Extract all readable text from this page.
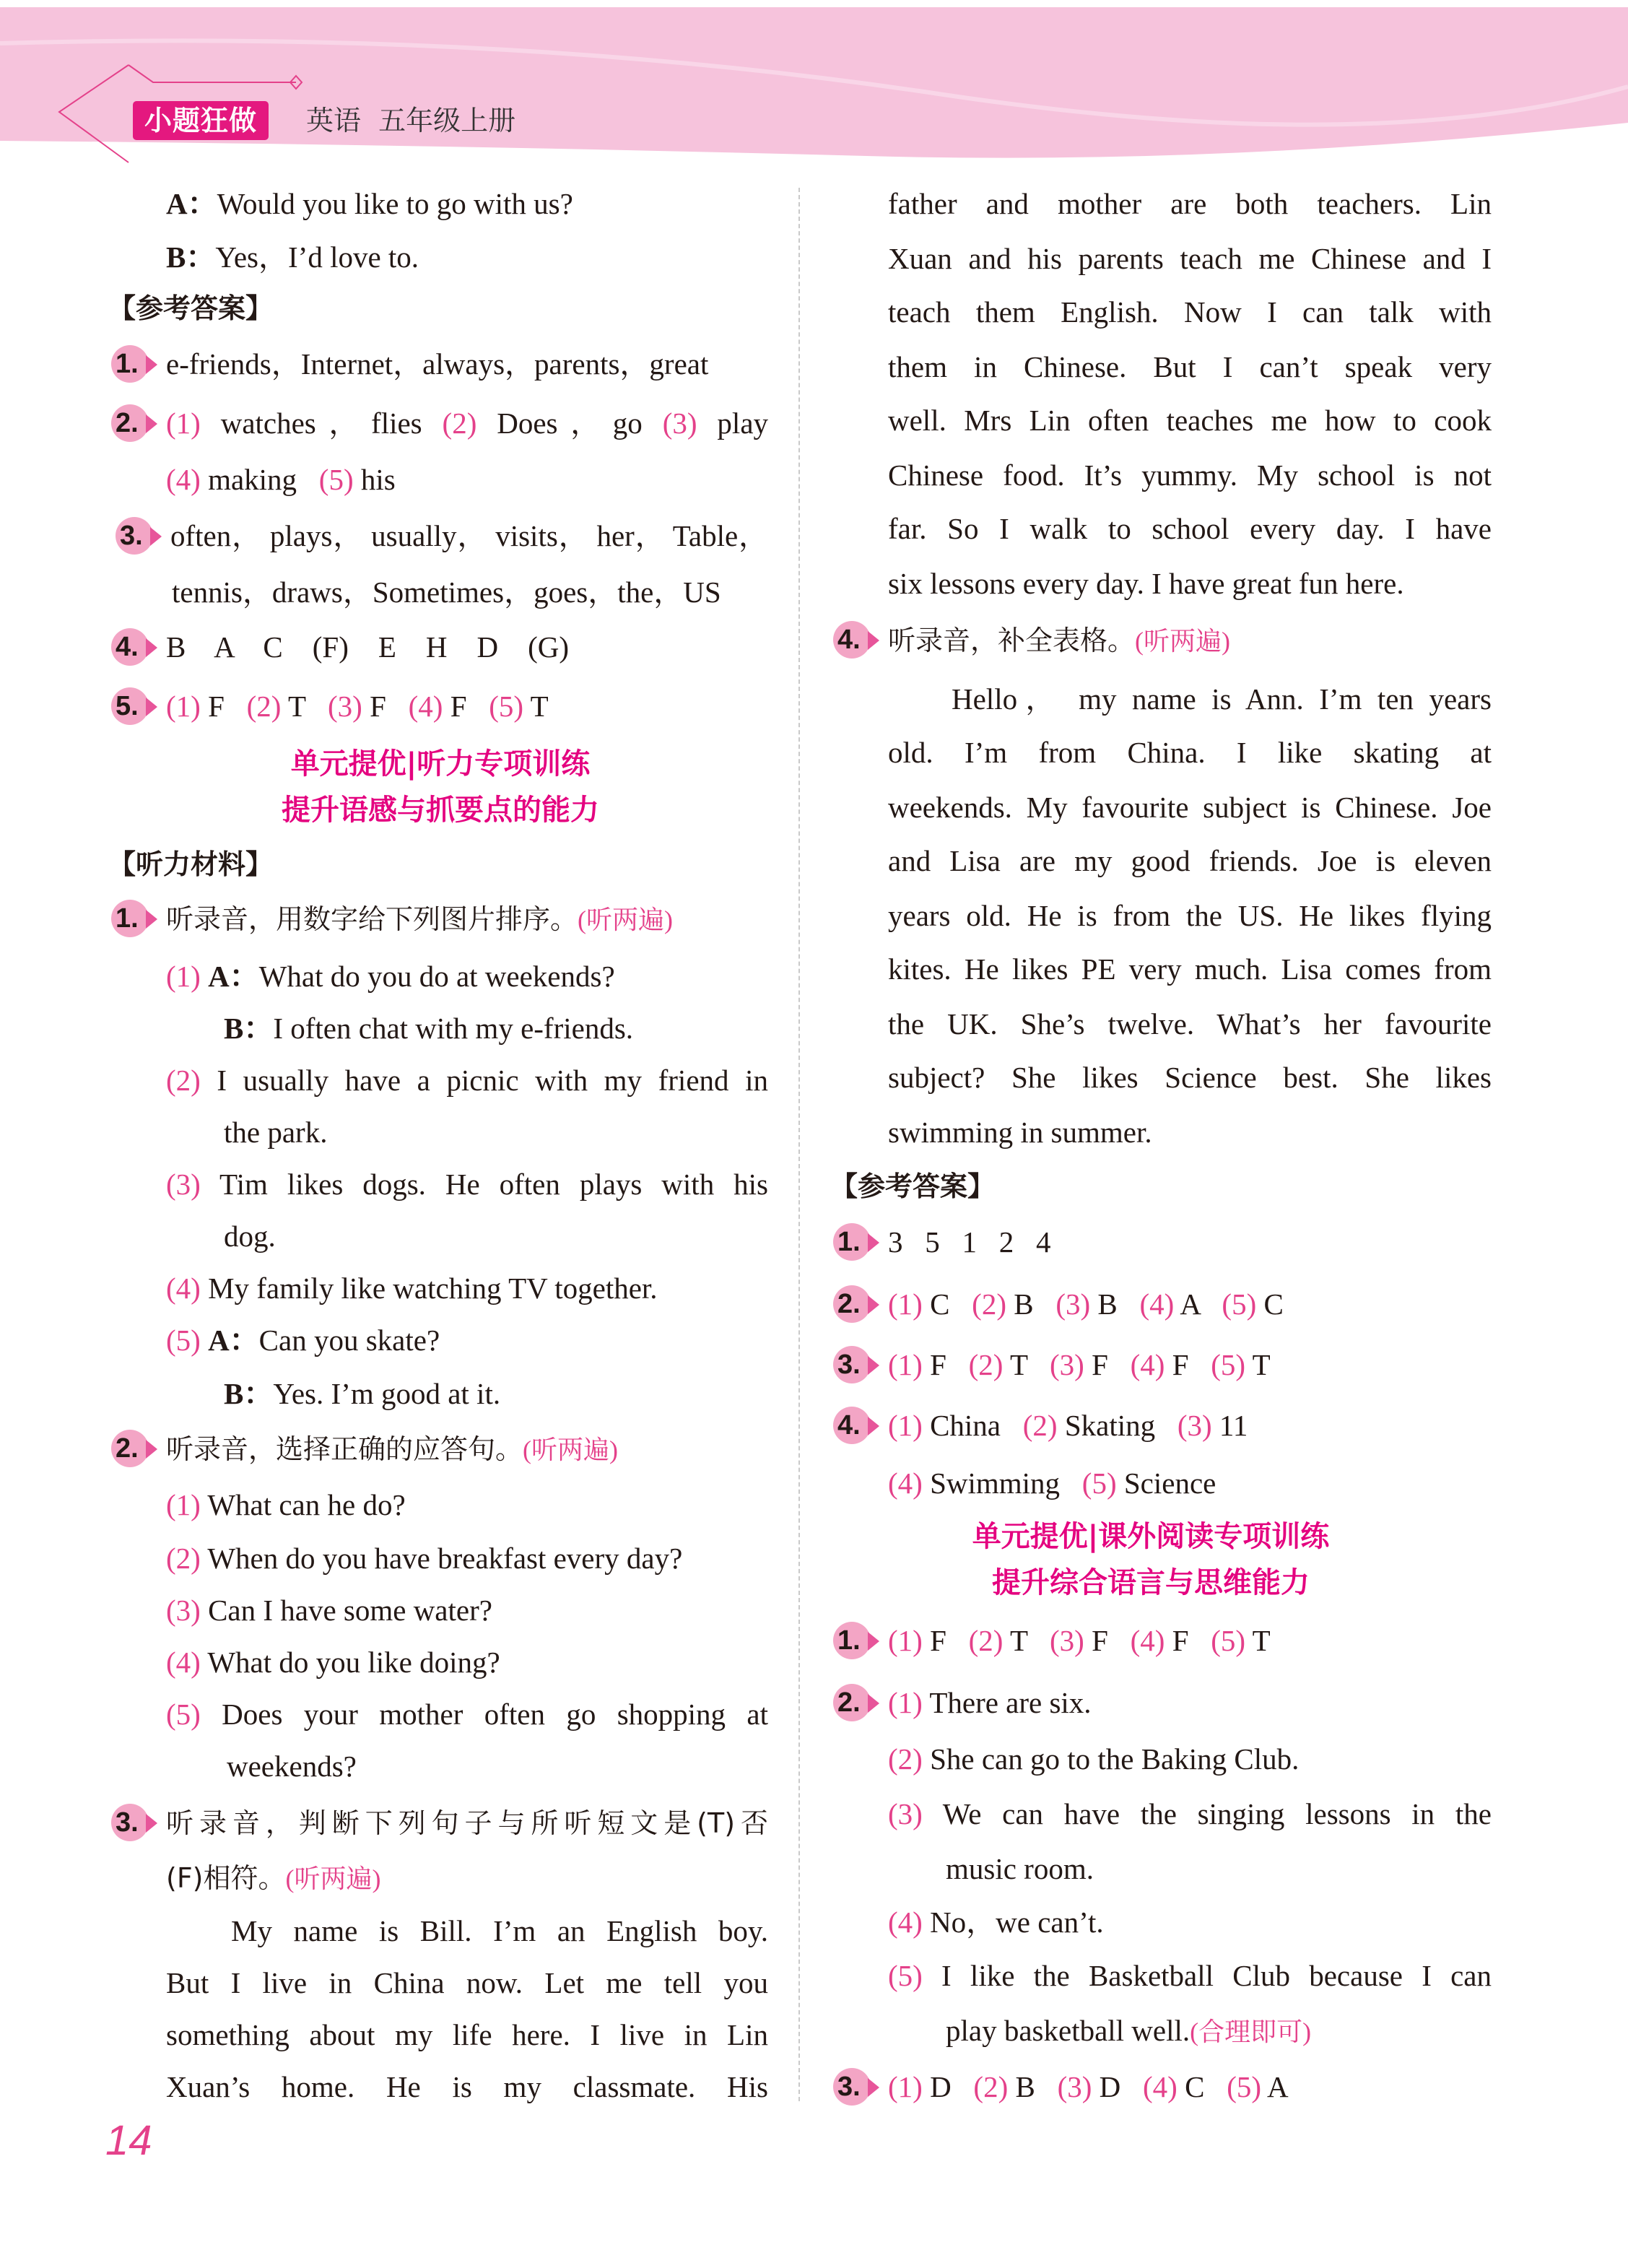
小题狂做	英语  五年级上册
A：Would you like to go with us?
B：Yes，I’d love to.
【参考答案】
1. e-friends，Internet，always，parents，great
2. (1) watches，flies (2) Does，go (3) play
(4) making   (5) his
3. often， plays， usually， visits， her， Table，
tennis，draws，Sometimes，goes，the，US
4. B    A    C    (F)    E    H    D    (G)
5. (1) F   (2) T   (3) F   (4) F   (5) T
单元提优|听力专项训练
提升语感与抓要点的能力
【听力材料】
1. 听录音，用数字给下列图片排序。(听两遍)
(1) A：What do you do at weekends?
B：I often chat with my e-friends.
(2) I usually have a picnic with my friend in
the park.
(3) Tim likes dogs. He often plays with his
dog.
(4) My family like watching TV together.
(5) A：Can you skate?
B：Yes. I’m good at it.
2. 听录音，选择正确的应答句。(听两遍)
(1) What can he do?
(2) When do you have breakfast every day?
(3) Can I have some water?
(4) What do you like doing?
(5) Does your mother often go shopping at
weekends?
3. 听录音，判断下列句子与所听短文是(T)否
(F)相符。(听两遍)
My name is Bill. I’m an English boy.
But I live in China now. Let me tell you
something about my life here. I live in Lin
Xuan’s home. He is my classmate. His
father and mother are both teachers. Lin
Xuan and his parents teach me Chinese and I
teach them English. Now I can talk with
them in Chinese. But I can’t speak very
well. Mrs Lin often teaches me how to cook
Chinese food. It’s yummy. My school is not
far. So I walk to school every day. I have
six lessons every day. I have great fun here.
4. 听录音，补全表格。(听两遍)
Hello， my name is Ann. I’m ten years
old. I’m from China. I like skating at
weekends. My favourite subject is Chinese. Joe
and Lisa are my good friends. Joe is eleven
years old. He is from the US. He likes flying
kites. He likes PE very much. Lisa comes from
the UK. She’s twelve. What’s her favourite
subject? She likes Science best. She likes
swimming in summer.
【参考答案】
1. 3   5   1   2   4
2. (1) C   (2) B   (3) B   (4) A   (5) C
3. (1) F   (2) T   (3) F   (4) F   (5) T
4. (1) China   (2) Skating   (3) 11
(4) Swimming   (5) Science
单元提优|课外阅读专项训练
提升综合语言与思维能力
1. (1) F   (2) T   (3) F   (4) F   (5) T
2. (1) There are six.
(2) She can go to the Baking Club.
(3) We can have the singing lessons in the
music room.
(4) No，we can’t.
(5) I like the Basketball Club because I can
play basketball well.(合理即可)
3. (1) D   (2) B   (3) D   (4) C   (5) A
14
